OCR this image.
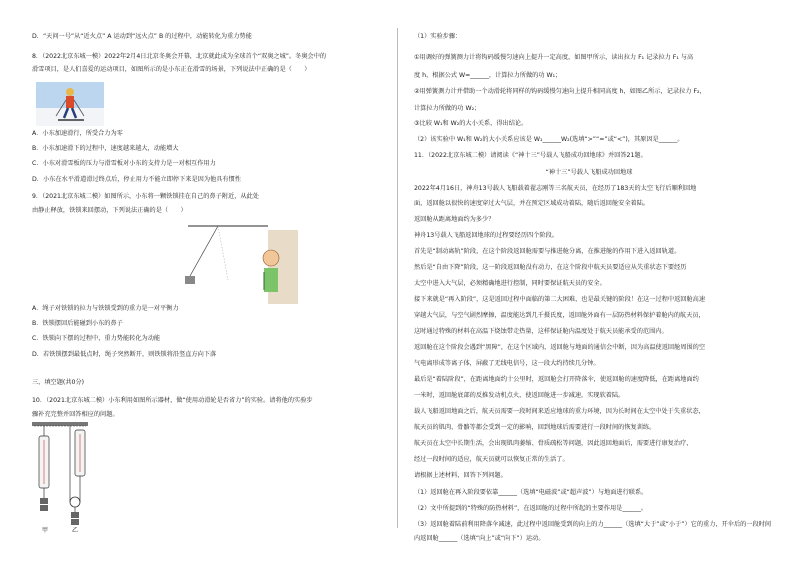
D．“天问一号”从“近火点” A 运动到“远火点” B 的过程中，动能转化为重力势能
8．（2022北京东城一模）2022年2月4日北京冬奥会开幕，北京就此成为全球首个“双奥之城”。冬奥会中的
滑雪项目，是人们喜爱的运动项目，如图所示的是小东正在滑雪的场景，下列说法中正确的是（　　）
A．小东加速滑行，所受合力为零
B．小东加速滑下的过程中，速度越来越大，动能增大
C．小东对滑雪板的压力与滑雪板对小东的支持力是一对相互作用力
D．小东在水平滑道滑过终点后，停止用力不能立即停下来是因为他具有惯性
9．（2021北京东城二模）如图所示，小东将一颗铁锁挂在自己的鼻子附近，从此处
由静止释放，铁锁来回摆动，下列说法正确的是（　　）
A．绳子对铁锁的拉力与铁锁受到的重力是一对平衡力
B．铁锁摆回后能碰到小东的鼻子
C．铁锁向下摆的过程中，重力势能转化为动能
D．若铁锁摆到最低点时，绳子突然断开，则铁锁将沿竖直方向下落
三、填空题(共0分)
10．（2021北京东城二模）小东利用如图所示器材，做“使用动滑轮是否省力”的实验。请将他的实验步
骤补充完整并回答相应的问题。
甲	乙
（1）实验步骤：
①用调好的弹簧测力计将钩码缓慢匀速向上提升一定高度，如图甲所示，读出拉力 F₁ 记录拉力 F₁ 与高
度 h，根据公式 W=______，计算拉力所做的功 W₁；
②用弹簧测力计并借助一个动滑轮将同样的钩码缓慢匀速向上提升相同高度 h，如图乙所示，记录拉力 F₂，
计算拉力所做的功 W₂；
③比较 W₁和 W₂的大小关系，得出结论。
（2）该实验中 W₁和 W₂的大小关系应该是 W₁______W₂(选填“>”“=”或“<”)，其原因是______。
11．（2022北京东城二模）请阅读《“神十三”号载人飞船成功回地球》并回答21题。
“神十三”号载人飞船成功回地球
2022年4月16日，神舟13号载人飞船载着翟志刚等三名航天员，在经历了183天的太空飞行后顺利回地
面，返回舱以很快的速度穿过大气层，并在预定区域成功着陆，随后返回舱安全着陆。
返回舱从距离地面约为多少？
神舟13号载人飞船返回地球的过程要经历四个阶段。
首先是“制动离轨”阶段，在这个阶段返回舱需要与推进舱分离，在推进舱的作用下进入返回轨道。
然后是“自由下降”阶段，这一阶段返回舱没有动力，在这个阶段中航天员要适应从失重状态下要经历
太空中进入大气层，必须精确地进行控制，同时要保证航天员的安全。
接下来就是“再入阶段”，这是返回过程中面临的第二大困难，也是最关键的阶段！在这一过程中返回舱高速
穿越大气层，与空气剧烈摩擦，温度能达到几千摄氏度，返回舱外面有一层防热材料保护着舱内的航天员，
这时通过特殊的材料在高温下烧蚀带走热量，这样保证舱内温度处于航天员能承受的范围内。
返回舱在这个阶段会遇到“黑障”，在这个区域内，返回舱与地面的通信会中断，因为高温使返回舱周围的空
气电离形成等离子体，屏蔽了无线电信号，这一段大约持续几分钟。
最后是“着陆阶段”，在距离地面约十公里时，返回舱会打开降落伞，使返回舱的速度降低，在距离地面约
一米时，返回舱底部的反推发动机点火，使返回舱进一步减速，实现软着陆。
载人飞船返回地面之后，航天员需要一段时间来适应地球的重力环境，因为长时间在太空中处于失重状态，
航天员的肌肉、骨骼等都会受到一定的影响，回到地球后需要进行一段时间的恢复训练。
航天员在太空中长期生活，会出现肌肉萎缩、骨质疏松等问题，因此返回地面后，需要进行康复治疗，
经过一段时间的适应，航天员就可以恢复正常的生活了。
请根据上述材料，回答下列问题。
（1）返回舱在再入阶段要依靠______（选填“电磁波”或“超声波”）与地面进行联系。
（2）文中所提到的“特殊的防热材料”，在返回舱的过程中所起的主要作用是______。
（3）返回舱着陆前利用降落伞减速，此过程中返回舱受到的向上的力______（选填“大于”或“小于”）它的重力，开伞后的一段时间
内返回舱______（选填“向上”或“向下”）运动。
